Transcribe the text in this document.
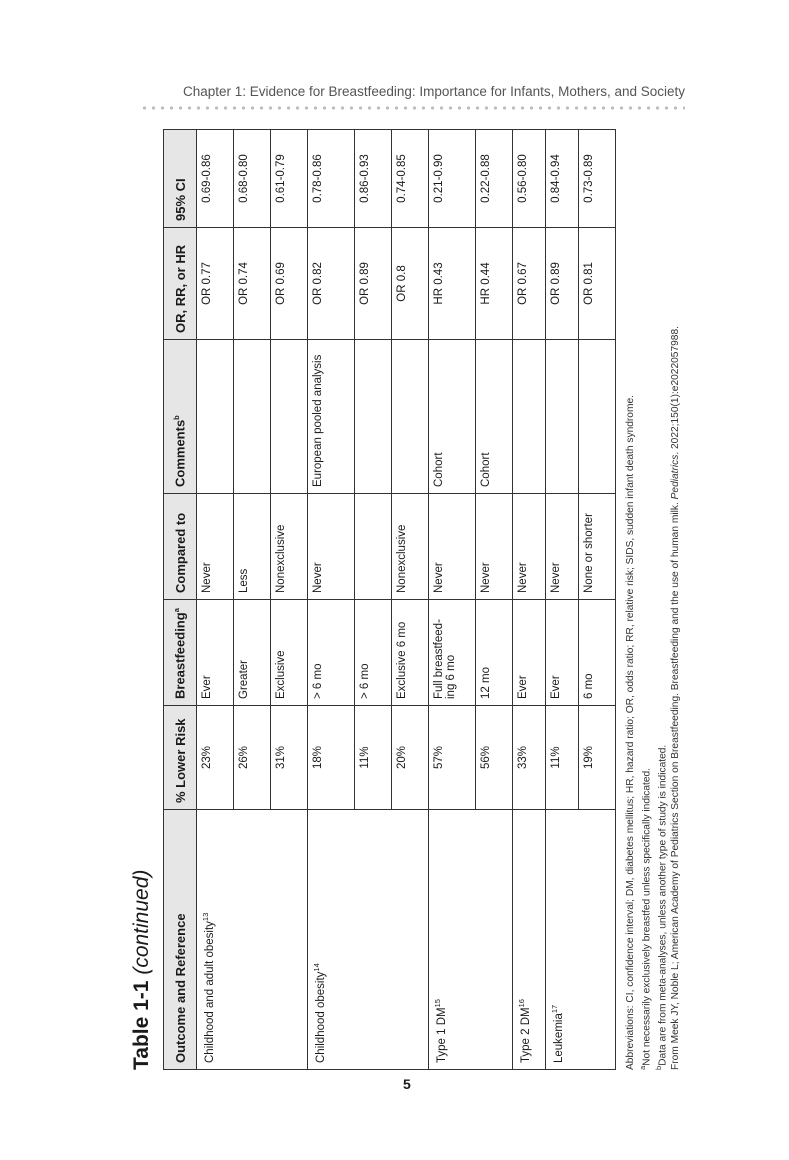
Chapter 1: Evidence for Breastfeeding: Importance for Infants, Mothers, and Society
Table 1-1 (continued) Outcome and Reference	% Lower Risk	Breastfeeding$^a$	Compared to	Comments$^b$	OR, RR, or HR	95% CI
Childhood and adult obesity$^{13}$	23%	Ever	Never		OR 0.77	0.69-0.86
	26%	Greater	Less		OR 0.74	0.68-0.80
	31%	Exclusive	Nonexclusive		OR 0.69	0.61-0.79
Childhood obesity$^{14}$	18%	> 6 mo	Never	European pooled analysis	OR 0.82	0.78-0.86
	11%	> 6 mo			OR 0.89	0.86-0.93
	20%	Exclusive 6 mo	Nonexclusive		OR 0.8	0.74-0.85
Type 1 DM$^{15}$	57%	Full breastfeed-ing 6 mo	Never	Cohort	HR 0.43	0.21-0.90
	56%	12 mo	Never	Cohort	HR 0.44	0.22-0.88
Type 2 DM$^{16}$	33%	Ever	Never		OR 0.67	0.56-0.80
Leukemia$^{17}$	11%	Ever	Never		OR 0.89	0.84-0.94
	19%	6 mo	None or shorter		OR 0.81	0.73-0.89
Abbreviations: CI, confidence interval; DM, diabetes mellitus; HR, hazard ratio; OR, odds ratio; RR, relative risk; SIDS, sudden infant death syndrome. $^a$Not necessarily exclusively breastfed unless specifically indicated.
$^b$Data are from meta-analyses, unless another type of study is indicated. From Meek JY, Noble L; American Academy of Pediatrics Section on Breastfeeding. Breastfeeding and the use of human milk. Pediatrics. 2022;150(1):e2022057988.
5
